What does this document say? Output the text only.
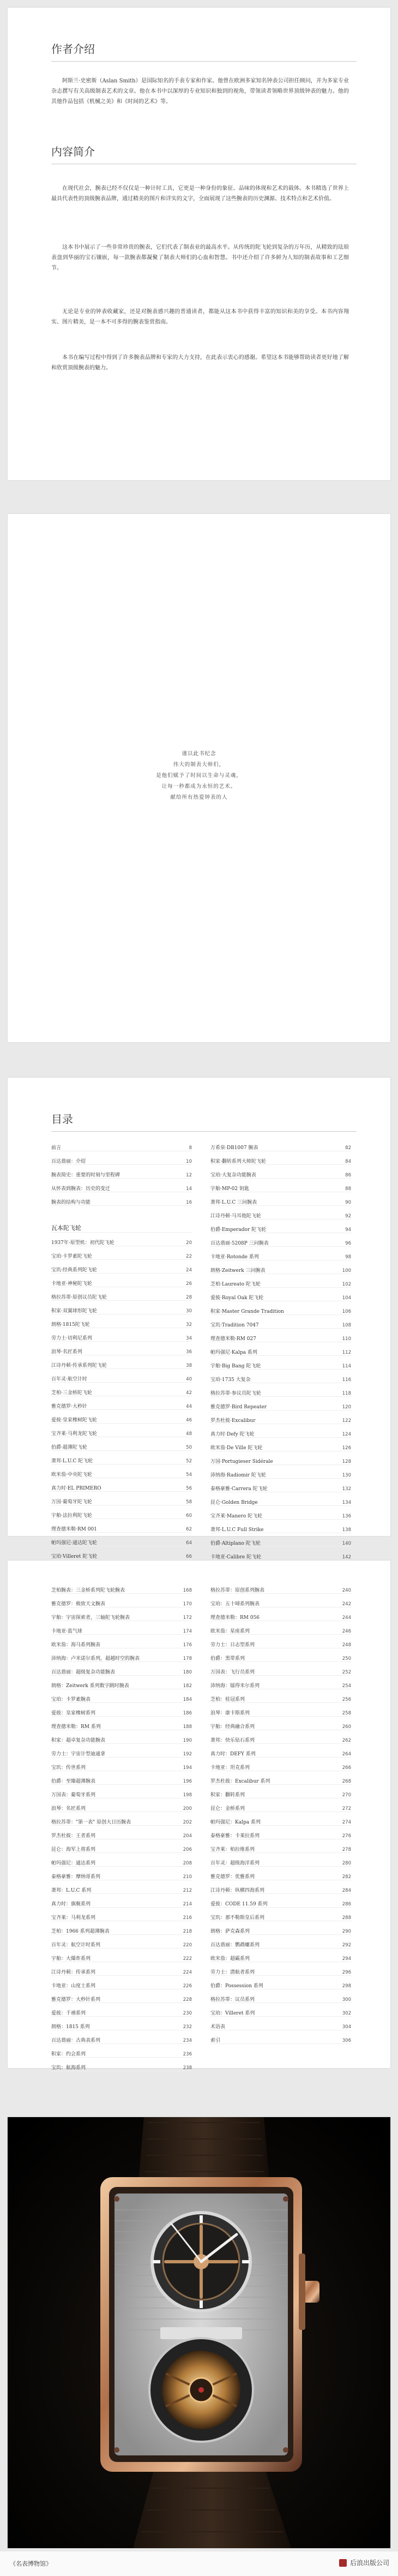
作者介绍

阿斯兰·史密斯（Aslan Smith）是国际知名的手表专家和作家。他曾在欧洲多家知名钟表公司担任顾问，并为多家专业杂志撰写有关高级制表艺术的文章。他在本书中以深厚的专业知识和独到的视角，带领读者领略世界顶级钟表的魅力。他的其他作品包括《机械之美》和《时间的艺术》等。

内容简介

在现代社会，腕表已经不仅仅是一种计时工具，它更是一种身份的象征、品味的体现和艺术的载体。本书精选了世界上最具代表性的顶级腕表品牌，通过精美的图片和详实的文字，全面展现了这些腕表的历史渊源、技术特点和艺术价值。

这本书中展示了一些非常珍贵的腕表，它们代表了制表业的最高水平。从传统的陀飞轮到复杂的万年历，从精致的珐琅表盘到华丽的宝石镶嵌，每一款腕表都凝聚了制表大师们的心血和智慧。书中还介绍了许多鲜为人知的制表故事和工艺细节。

无论是专业的钟表收藏家，还是对腕表感兴趣的普通读者，都能从这本书中获得丰富的知识和美的享受。本书内容翔实、图片精美，是一本不可多得的腕表鉴赏指南。

本书在编写过程中得到了许多腕表品牌和专家的大力支持，在此表示衷心的感谢。希望这本书能够帮助读者更好地了解和欣赏顶级腕表的魅力。

谨以此书纪念
伟大的制表大师们，
是他们赋予了时间以生命与灵魂，
让每一秒都成为永恒的艺术。
献给所有热爱钟表的人
目录
前言	8
百达翡丽：介绍	10
腕表简史：重要的时刻与里程碑	12
从怀表到腕表：历史的变迁	14
腕表的结构与功能	16
瓦本陀飞轮
1937年·原型机：初代陀飞轮	20
宝珀·卡罗素陀飞轮	22
宝玑·经典系列陀飞轮	24
卡地亚·神秘陀飞轮	26
格拉苏蒂·原创议员陀飞轮	28
积家·双翼球形陀飞轮	30
朗格·1815陀飞轮	32
劳力士·切利尼系列	34
浪琴·名匠系列	36
江诗丹顿·传承系列陀飞轮	38
百年灵·航空计时	40
芝柏·三金桥陀飞轮	42
雅克德罗·大秒针	44
爱彼·皇家橡树陀飞轮	46
宝齐莱·马利龙陀飞轮	48
伯爵·超薄陀飞轮	50
萧邦·L.U.C 陀飞轮	52
欧米茄·中央陀飞轮	54
真力时·EL PRIMERO	56
万国·葡萄牙陀飞轮	58
宇舶·法拉利陀飞轮	60
理查德米勒·RM 001	62
帕玛强尼·通达陀飞轮	64
宝珀·Villeret 陀飞轮	66
万希泉·DB1007 腕表	82
积家·翻转系列大师陀飞轮	84
宝珀·大复杂功能腕表	86
宇舶·MP-02 钥匙	88
萧邦·L.U.C 三问腕表	90
江诗丹顿·马耳他陀飞轮	92
伯爵·Emperador 陀飞轮	94
百达翡丽·5208P 三问腕表	96
卡地亚·Rotonde 系列	98
朗格·Zeitwerk 三问腕表	100
芝柏·Laureato 陀飞轮	102
爱彼·Royal Oak 陀飞轮	104
积家·Master Grande Tradition	106
宝玑·Tradition 7047	108
理查德米勒·RM 027	110
帕玛强尼·Kalpa 系列	112
宇舶·Big Bang 陀飞轮	114
宝珀·1735 大复杂	116
格拉苏蒂·参议员陀飞轮	118
雅克德罗·Bird Repeater	120
罗杰杜彼·Excalibur	122
真力时·Defy 陀飞轮	124
欧米茄·De Ville 陀飞轮	126
万国·Portugieser Sidérale	128
沛纳海·Radiomir 陀飞轮	130
泰格豪雅·Carrera 陀飞轮	132
昆仑·Golden Bridge	134
宝齐莱·Manero 陀飞轮	136
萧邦·L.U.C Full Strike	138
伯爵·Altiplano 陀飞轮	140
卡地亚·Calibre 陀飞轮	142
芝柏腕表：三金桥系列陀飞轮腕表	168
雅克德罗：极致天文腕表	170
宇舶：宇宙探索者，三轴陀飞轮腕表	172
卡地亚·蓝气球	174
欧米茄：海马系列腕表	176
沛纳海：卢米诺尔系列，超越时空的腕表	178
百达翡丽：超级复杂功能腕表	180
朗格：Zeitwerk 系列数字跳时腕表	182
宝珀：卡罗素腕表	184
爱彼：皇家橡树系列	186
理查德米勒：RM 系列	188
积家：超卓复杂功能腕表	190
劳力士：宇宙计型迪通拿	192
宝玑：传世系列	194
伯爵：至臻超薄腕表	196
万国表：葡萄牙系列	198
浪琴：名匠系列	200
格拉苏蒂："第一表" 原创大日历腕表	202
罗杰杜彼：王者系列	204
昆仑：海军上将系列	206
帕玛强尼：通达系列	208
泰格豪雅：摩纳哥系列	210
萧邦：L.U.C 系列	212
真力时：旗舰系列	214
宝齐莱：马利龙系列	216
芝柏：1966 系列超薄腕表	218
百年灵：航空计时系列	220
宇舶：大爆炸系列	222
江诗丹顿：传承系列	224
卡地亚：山度士系列	226
雅克德罗：大秒针系列	228
爱彼：千禧系列	230
朗格：1815 系列	232
百达翡丽：古典表系列	234
积家：约会系列	236
宝玑：航海系列	238
格拉苏蒂：原创系列腕表	240
宝珀：五十噚系列腕表	242
理查德米勒：RM 056	244
欧米茄：星座系列	246
劳力士：日志型系列	248
伯爵：黑带系列	250
万国表：飞行员系列	252
沛纳海：镭得米尔系列	254
芝柏：桂冠系列	256
浪琴：康卡斯系列	258
宇舶：经典融合系列	260
萧邦：快乐钻石系列	262
真力时：DEFY 系列	264
卡地亚：坦克系列	266
罗杰杜彼：Excalibur 系列	268
积家：翻转系列	270
昆仑：金桥系列	272
帕玛强尼：Kalpa 系列	274
泰格豪雅：卡莱拉系列	276
宝齐莱：柏拉维系列	278
百年灵：超级海洋系列	280
雅克德罗：优雅系列	282
江诗丹顿：纵横四海系列	284
爱彼：CODE 11.59 系列	286
宝玑：那不勒斯皇后系列	288
朗格：萨克森系列	290
百达翡丽：鹦鹉螺系列	292
欧米茄：超霸系列	294
劳力士：潜航者系列	296
伯爵：Possession 系列	298
格拉苏蒂：议员系列	300
宝珀：Villeret 系列	302
术语表	304
索引	306
《名表博物馆》	后浪出版公司
